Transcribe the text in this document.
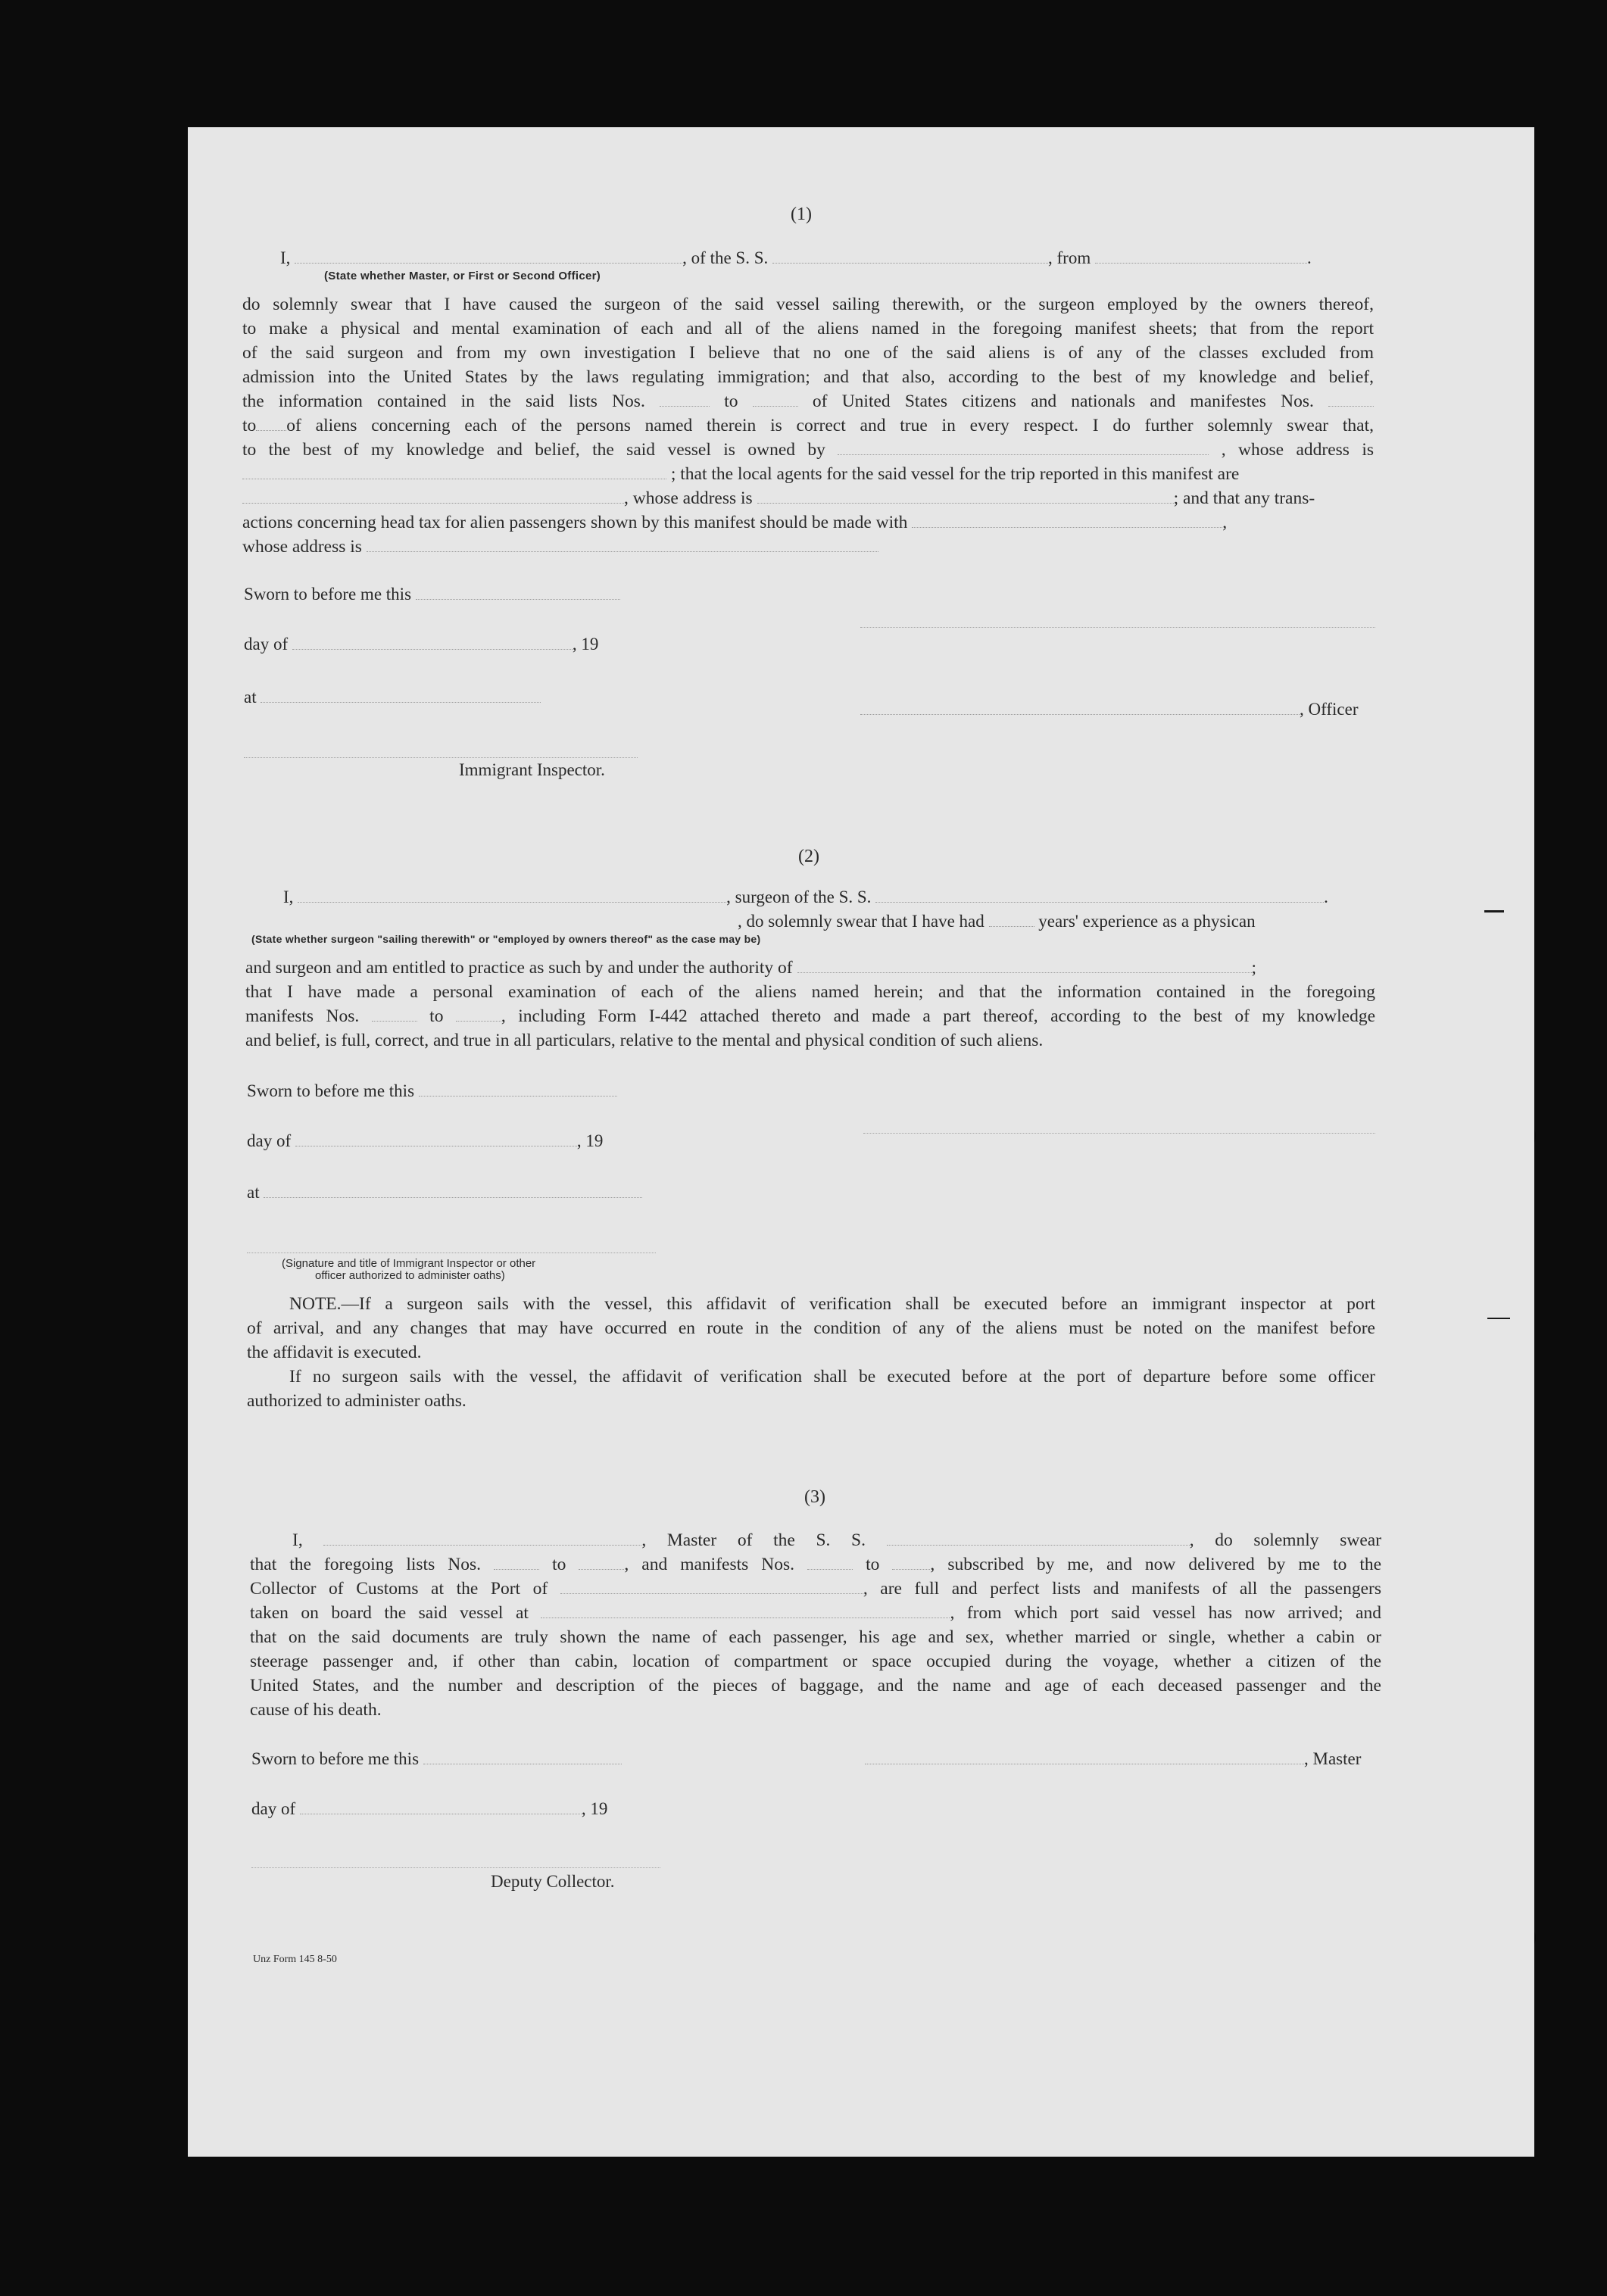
(1)
I,	, of the S. S.	, from	.
(State whether Master, or First or Second Officer)

do solemnly swear that I have caused the surgeon of the said vessel sailing therewith, or the surgeon employed by the owners thereof,

to make a physical and mental examination of each and all of the aliens named in the foregoing manifest sheets; that from the report

of the said surgeon and from my own investigation I believe that no one of the said aliens is of any of the classes excluded from

admission into the United States by the laws regulating immigration; and that also, according to the best of my knowledge and belief,

the information contained in the said lists Nos.	to	of United States citizens and nationals and manifestes Nos.

to of aliens concerning each of the persons named therein is correct and true in every respect. I do further solemnly swear that,

to the best of my knowledge and belief, the said vessel is owned by	, whose address is

; that the local agents for the said vessel for the trip reported in this manifest are

, whose address is	; and that any trans-

actions concerning head tax for alien passengers shown by this manifest should be made with	,

whose address is

Sworn to before me this
day of	, 19
at
, Officer
Immigrant Inspector.
(2)
I,	, surgeon of the S. S.	.
, do solemnly swear that I have had	years' experience as a physican
(State whether surgeon "sailing therewith" or "employed by owners thereof" as the case may be)

and surgeon and am entitled to practice as such by and under the authority of	;

that I have made a personal examination of each of the aliens named herein; and that the information contained in the foregoing

manifests Nos.	to	, including Form I-442 attached thereto and made a part thereof, according to the best of my knowledge

and belief, is full, correct, and true in all particulars, relative to the mental and physical condition of such aliens.

Sworn to before me this
day of	, 19
at
(Signature and title of Immigrant Inspector or other
officer authorized to administer oaths)

NOTE.—If a surgeon sails with the vessel, this affidavit of verification shall be executed before an immigrant inspector at port

of arrival, and any changes that may have occurred en route in the condition of any of the aliens must be noted on the manifest before

the affidavit is executed.

If no surgeon sails with the vessel, the affidavit of verification shall be executed before at the port of departure before some officer

authorized to administer oaths.

(3)

I,	, Master of the S. S.	, do solemnly swear

that the foregoing lists Nos.	to	, and manifests Nos.	to	, subscribed by me, and now delivered by me to the

Collector of Customs at the Port of	, are full and perfect lists and manifests of all the passengers

taken on board the said vessel at	, from which port said vessel has now arrived; and

that on the said documents are truly shown the name of each passenger, his age and sex, whether married or single, whether a cabin or

steerage passenger and, if other than cabin, location of compartment or space occupied during the voyage, whether a citizen of the

United States, and the number and description of the pieces of baggage, and the name and age of each deceased passenger and the

cause of his death.

Sworn to before me this	, Master
day of	, 19
Deputy Collector.
Unz Form 145 8-50
